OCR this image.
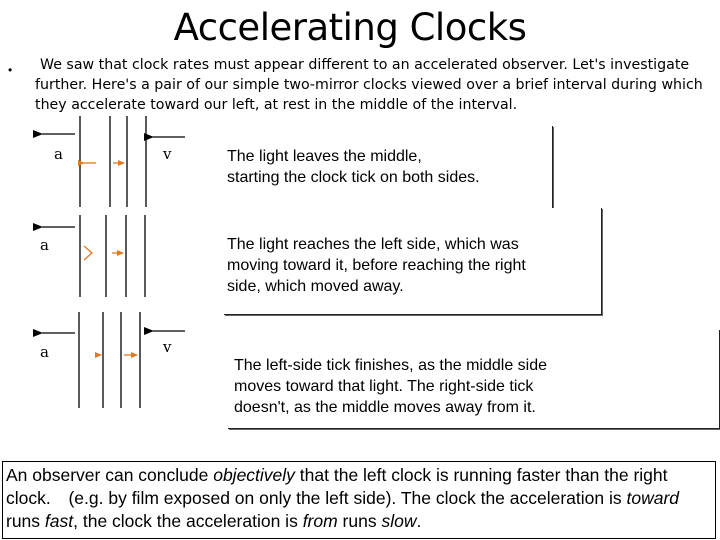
Accelerating Clocks
•	We saw that clock rates must appear different to an accelerated observer. Let's investigate further. Here's a pair of our simple two-mirror clocks viewed over a brief interval during which they accelerate toward our left, at rest in the middle of the interval.

a	v
a
a	v
The light leaves the middle,
starting the clock tick on both sides.
The light reaches the left side, which was
moving toward it, before reaching the right
side, which moved away.
The left-side tick finishes, as the middle side
moves toward that light. The right-side tick
doesn't, as the middle moves away from it.
An observer can conclude objectively that the left clock is running faster than the right clock.  (e.g. by film exposed on only the left side). The clock the acceleration is toward runs fast, the clock the acceleration is from runs slow.
